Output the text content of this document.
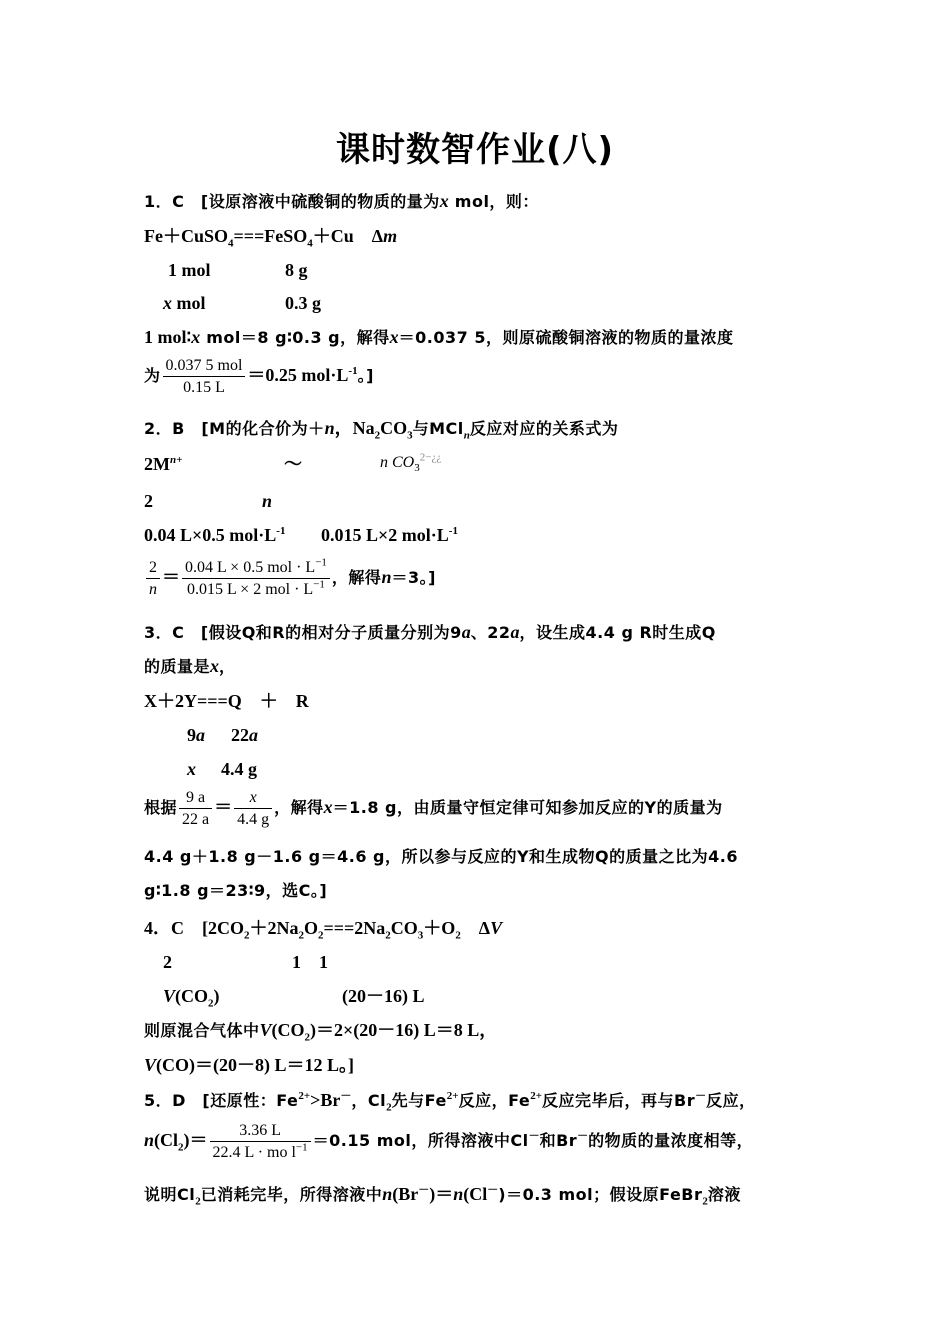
课时数智作业(八)
1．C　[设原溶液中硫酸铜的物质的量为x mol，则：
Fe＋CuSO$_4$===FeSO$_4$＋Cu　Δm
1 mol	8 g
x mol	0.3 g
1 mol∶x mol＝8 g∶0.3 g，解得x＝0.037 5，则原硫酸铜溶液的物质的量浓度
为 $\frac{\text{0.037 5 mol}}{0.15 L} =0.25$ $mol\cdot L^{-1}$。]
2．B　[M的化合价为＋n，$Na_2CO_3$与MCl$_n$反应对应的关系式为
$2M^{n+}$	～	n $CO_3^{2-¿¿}$
2	n
0.04 L×0.5 $mol\cdot L^{-1}$ 0.015 L×2 $mol\cdot L^{-1}$
$\frac{2}{n} = \frac{0.04 L \times 0.5 mol \cdot L^{-1}}{0.015 L \times 2 mol \cdot L^{-1}}$ ，解得n＝3。]
3．C　[假设Q和R的相对分子质量分别为9a、22a，设生成4.4 g R时生成Q
的质量是x，
X＋2Y===Q　＋　R
9a 22a
x 4.4 g
根据 $\frac{9 a}{22 a} = \frac{x}{4.4 g}$ ，解得x＝1.8 g，由质量守恒定律可知参加反应的Y的质量为
4.4 g＋1.8 g－1.6 g＝4.6 g，所以参与反应的Y和生成物Q的质量之比为4.6
g∶1.8 g＝23∶9，选C。]
4．C　[$2CO_2+2Na_2O_2===2Na_2CO_3+O_2$　ΔV
2	1　1
$V(CO_2)$	(20－16) L
则原混合气体中$V(CO_2)=2\times(20-16)$ L＝8 L，
V(CO)＝(20－8) L＝12 L。]
5．D　[还原性：$Fe^{2+}>Br^-$，$Cl_2$先与$Fe^{2+}$反应，$Fe^{2+}$反应完毕后，再与Br－反应，
$n(Cl_2)= \frac{3.36 L}{22.4 L \cdot mo l^{-1}} =0.15$ mol，所得溶液中Cl－和Br－的物质的量浓度相等，
说明$Cl_2$已消耗完毕，所得溶液中n(Br－)＝n(Cl－)＝0.3 mol；假设原FeBr$_2$溶液
